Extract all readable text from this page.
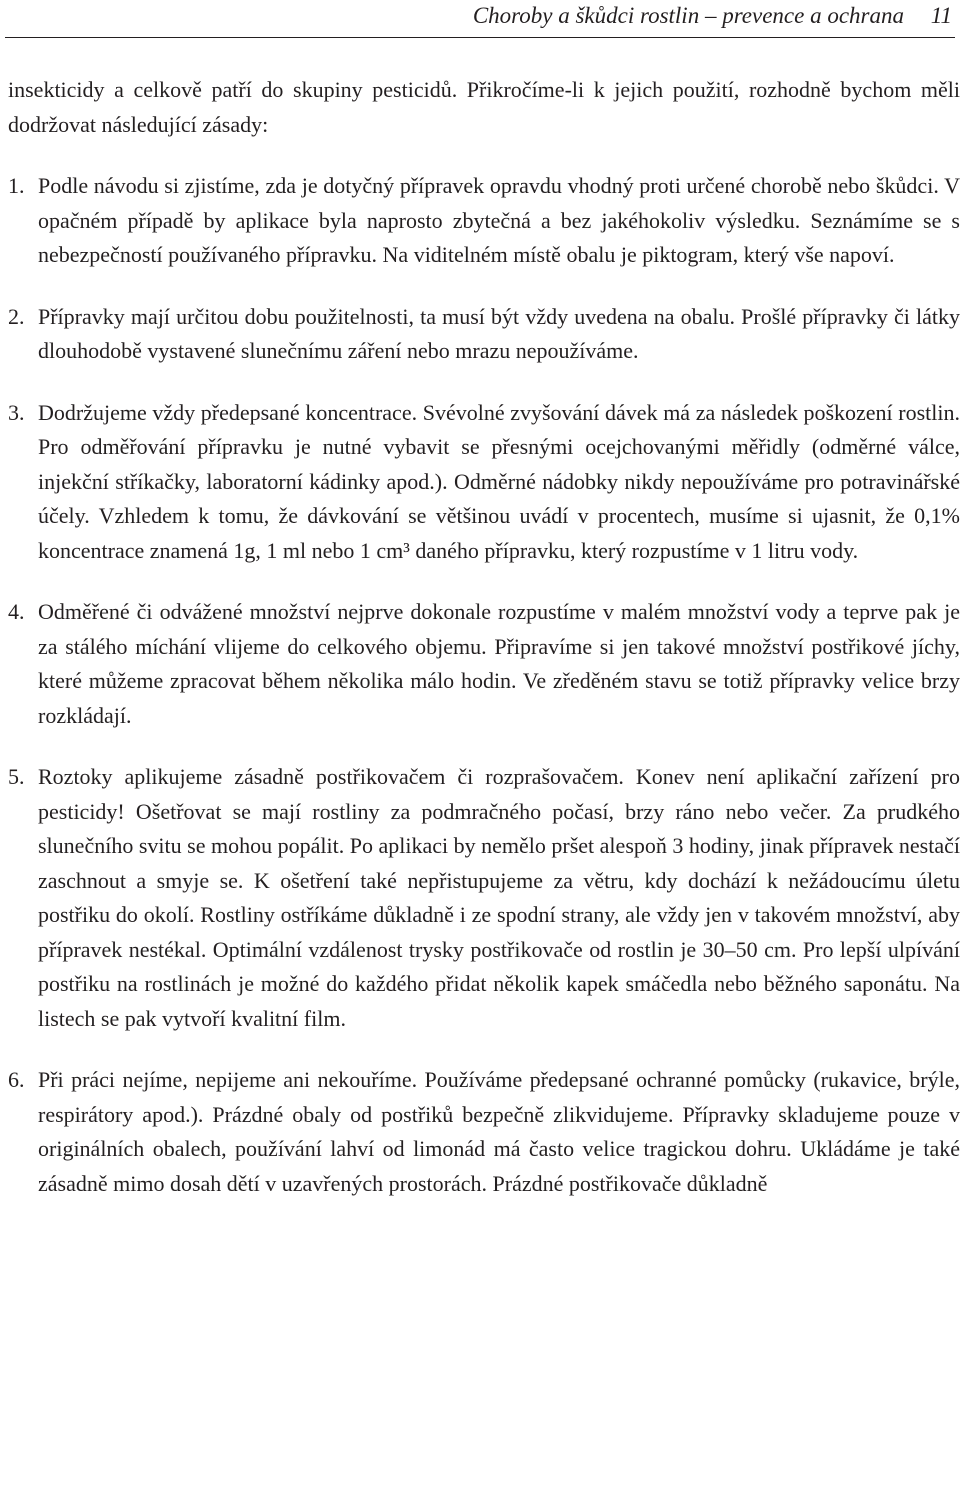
Choroby a škůdci rostlin – prevence a ochrana 11

insekticidy a celkově patří do skupiny pesticidů. Přikročíme-li k jejich použití, rozhodně bychom měli dodržovat následující zásady:

1. Podle návodu si zjistíme, zda je dotyčný přípravek opravdu vhodný proti určené chorobě nebo škůdci. V opačném případě by aplikace byla naprosto zbytečná a bez jakéhokoliv výsledku. Seznámíme se s nebezpečností používaného přípravku. Na viditelném místě obalu je piktogram, který vše napoví.
2. Přípravky mají určitou dobu použitelnosti, ta musí být vždy uvedena na obalu. Prošlé přípravky či látky dlouhodobě vystavené slunečnímu záření nebo mrazu nepoužíváme.
3. Dodržujeme vždy předepsané koncentrace. Svévolné zvyšování dávek má za následek poškození rostlin. Pro odměřování přípravku je nutné vybavit se přesnými ocejchovanými měřidly (odměrné válce, injekční stříkačky, laboratorní kádinky apod.). Odměrné nádobky nikdy nepoužíváme pro potravinářské účely. Vzhledem k tomu, že dávkování se většinou uvádí v procentech, musíme si ujasnit, že 0,1% koncentrace znamená 1g, 1 ml nebo 1 cm³ daného přípravku, který rozpustíme v 1 litru vody.
4. Odměřené či odvážené množství nejprve dokonale rozpustíme v malém množství vody a teprve pak je za stálého míchání vlijeme do celkového objemu. Připravíme si jen takové množství postřikové jíchy, které můžeme zpracovat během několika málo hodin. Ve zředěném stavu se totiž přípravky velice brzy rozkládají.
5. Roztoky aplikujeme zásadně postřikovačem či rozprašovačem. Konev není aplikační zařízení pro pesticidy! Ošetřovat se mají rostliny za podmračného počasí, brzy ráno nebo večer. Za prudkého slunečního svitu se mohou popálit. Po aplikaci by nemělo pršet alespoň 3 hodiny, jinak přípravek nestačí zaschnout a smyje se. K ošetření také nepřistupujeme za větru, kdy dochází k nežádoucímu úletu postřiku do okolí. Rostliny ostříkáme důkladně i ze spodní strany, ale vždy jen v takovém množství, aby přípravek nestékal. Optimální vzdálenost trysky postřikovače od rostlin je 30–50 cm. Pro lepší ulpívání postřiku na rostlinách je možné do každého přidat několik kapek smáčedla nebo běžného saponátu. Na listech se pak vytvoří kvalitní film.
6. Při práci nejíme, nepijeme ani nekouříme. Používáme předepsané ochranné pomůcky (rukavice, brýle, respirátory apod.). Prázdné obaly od postřiků bezpečně zlikvidujeme. Přípravky skladujeme pouze v originálních obalech, používání lahví od limonád má často velice tragickou dohru. Ukládáme je také zásadně mimo dosah dětí v uzavřených prostorách. Prázdné postřikovače důkladně
